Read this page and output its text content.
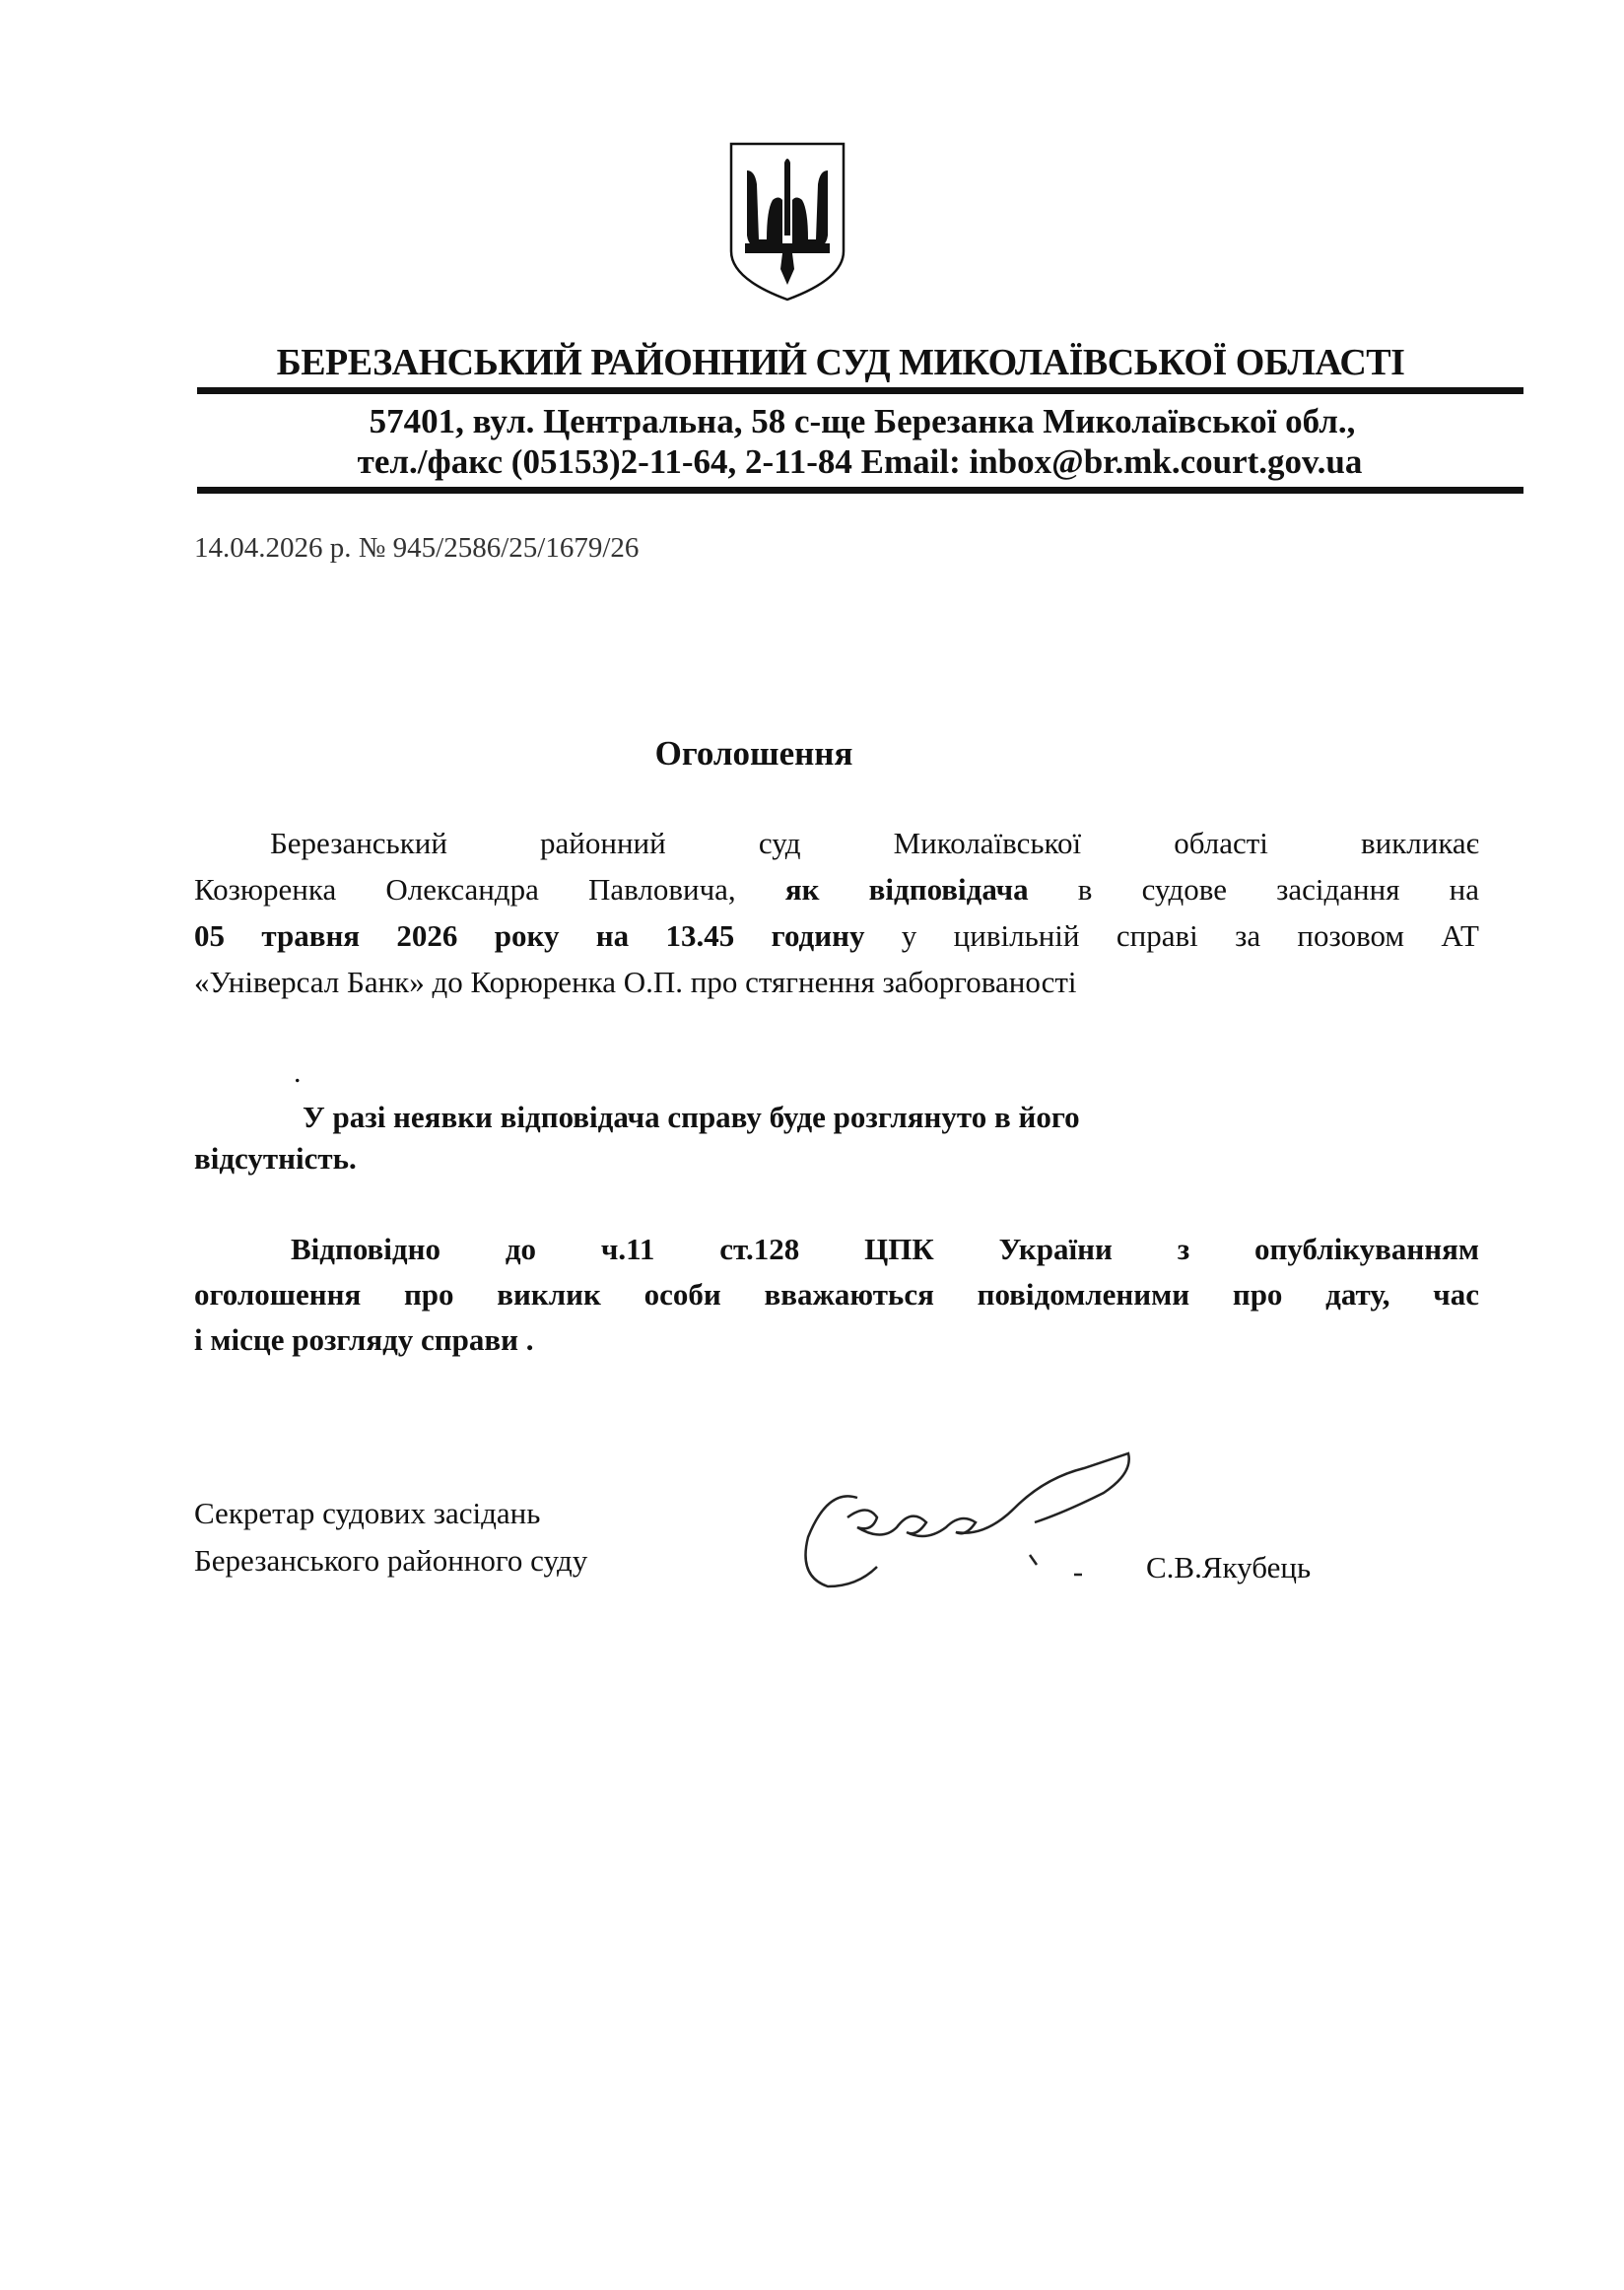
БЕРЕЗАНСЬКИЙ РАЙОННИЙ СУД МИКОЛАЇВСЬКОЇ ОБЛАСТІ
57401, вул. Центральна, 58 с-ще Березанка Миколаївської обл.,
тел./факс (05153)2-11-64, 2-11-84 Email: inbox@br.mk.court.gov.ua
14.04.2026 р. № 945/2586/25/1679/26
Оголошення
Березанський районний суд Миколаївської області викликає
Козюренка Олександра Павловича, як відповідача в судове засідання на
05 травня 2026 року на 13.45 годину у цивільній справі за позовом АТ
«Універсал Банк» до Корюренка О.П. про стягнення заборгованості
.
У разі неявки відповідача справу буде розглянуто в його
відсутність.
Відповідно до ч.11 ст.128 ЦПК України з опублікуванням
оголошення про виклик особи вважаються повідомленими про дату, час
і місце розгляду справи .
Секретар судових засідань
Березанського районного суду	С.В.Якубець
